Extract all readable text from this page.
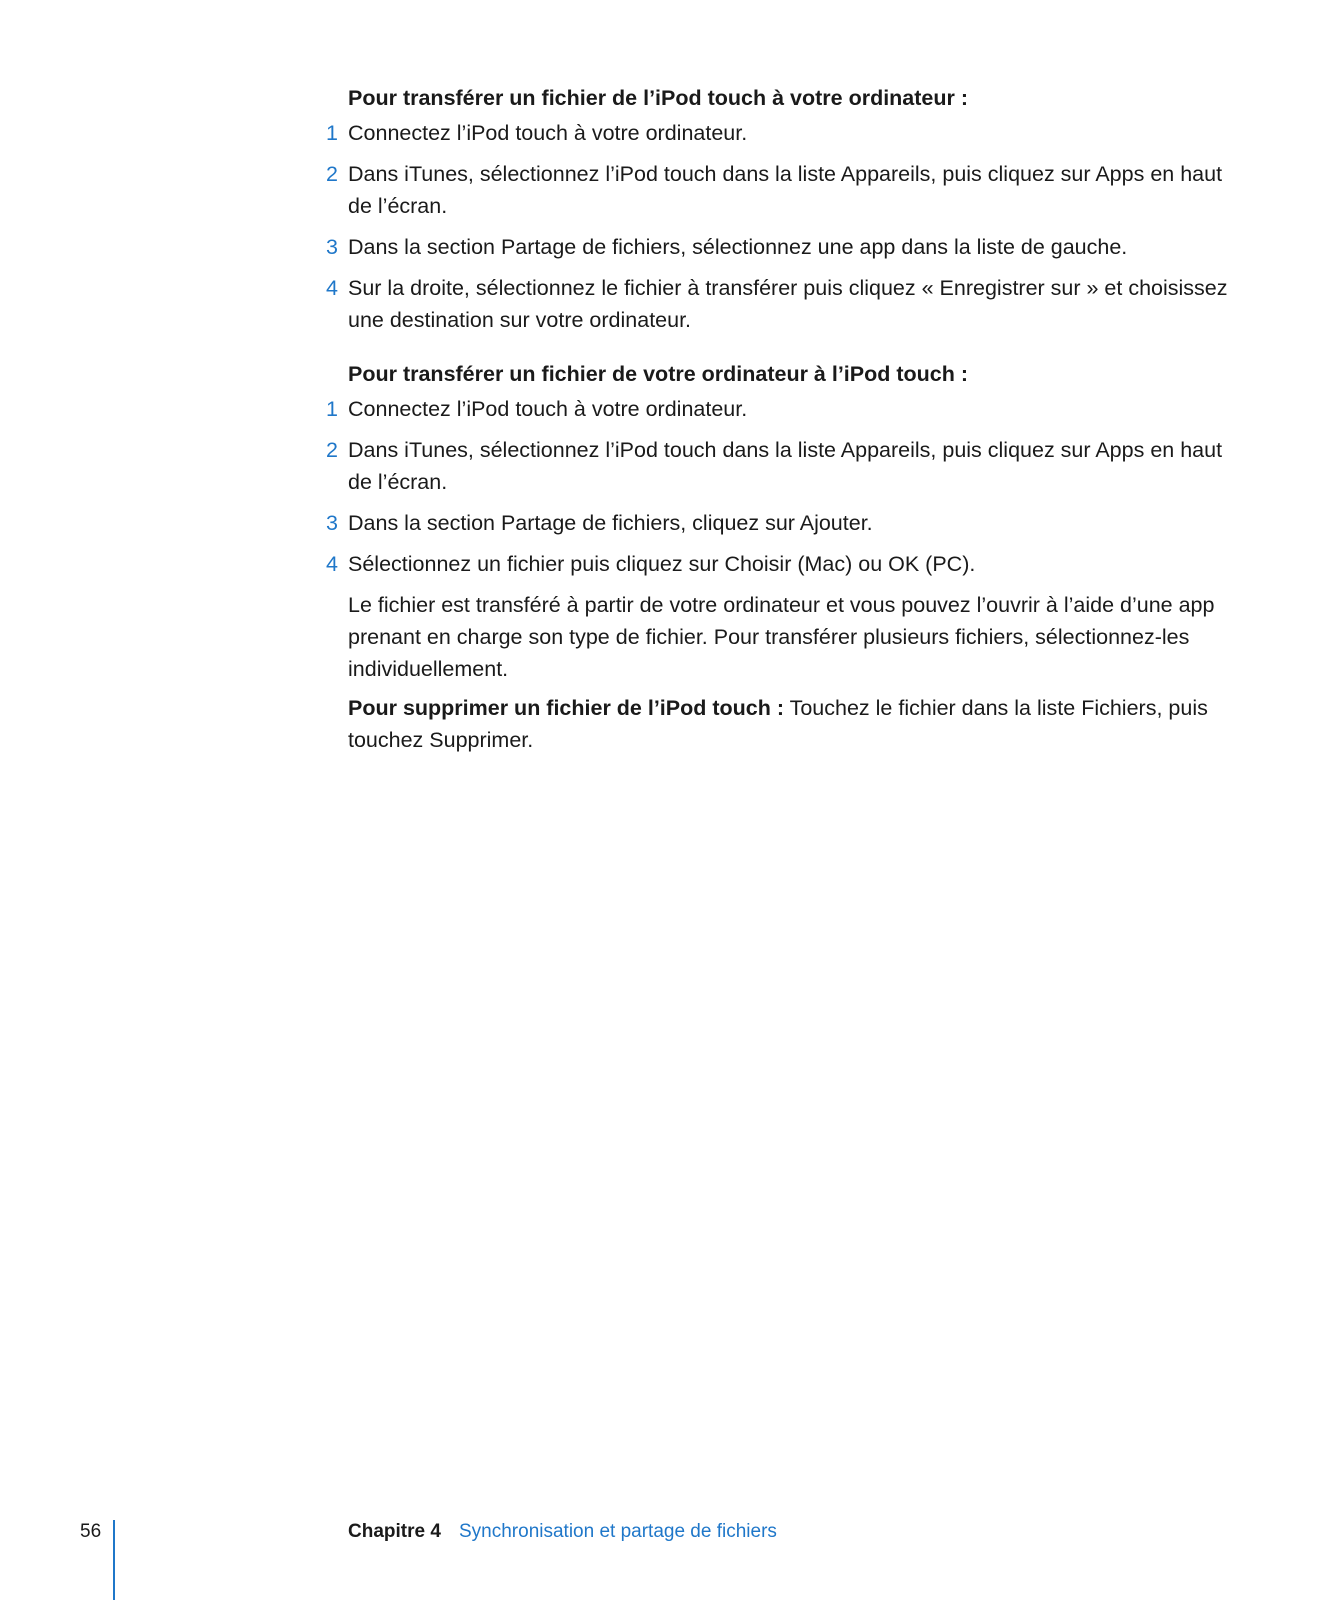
Pour transférer un fichier de l’iPod touch à votre ordinateur :

1 Connectez l’iPod touch à votre ordinateur.
2 Dans iTunes, sélectionnez l’iPod touch dans la liste Appareils, puis cliquez sur Apps en haut de l’écran.
3 Dans la section Partage de fichiers, sélectionnez une app dans la liste de gauche.
4 Sur la droite, sélectionnez le fichier à transférer puis cliquez « Enregistrer sur » et choisissez une destination sur votre ordinateur.

Pour transférer un fichier de votre ordinateur à l’iPod touch :

1 Connectez l’iPod touch à votre ordinateur.
2 Dans iTunes, sélectionnez l’iPod touch dans la liste Appareils, puis cliquez sur Apps en haut de l’écran.
3 Dans la section Partage de fichiers, cliquez sur Ajouter.
4 Sélectionnez un fichier puis cliquez sur Choisir (Mac) ou OK (PC).

Le fichier est transféré à partir de votre ordinateur et vous pouvez l’ouvrir à l’aide d’une app prenant en charge son type de fichier. Pour transférer plusieurs fichiers, sélectionnez-les individuellement.

Pour supprimer un fichier de l’iPod touch : Touchez le fichier dans la liste Fichiers, puis touchez Supprimer.

56	Chapitre 4 Synchronisation et partage de fichiers
